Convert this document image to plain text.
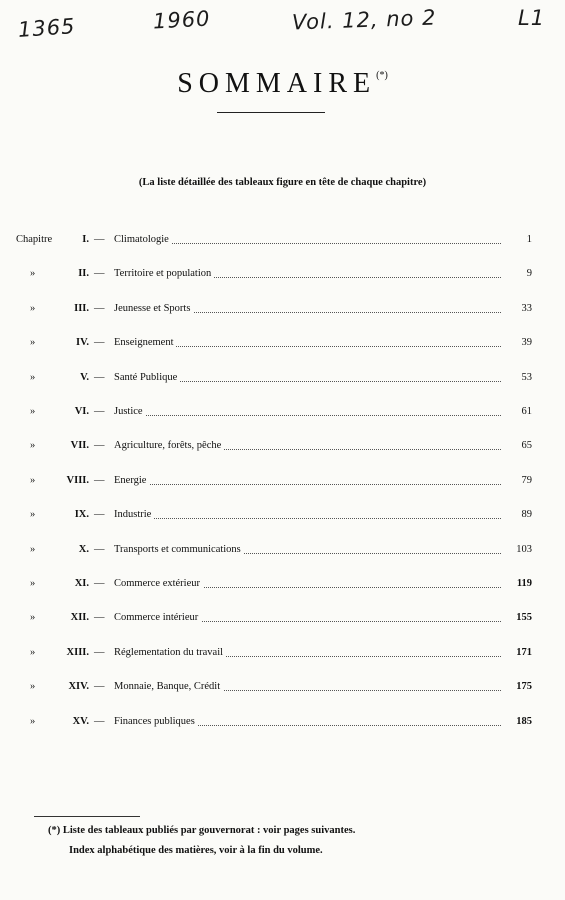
1365	1960	Vol. 12, no 2	L1
SOMMAIRE(*)
(La liste détaillée des tableaux figure en tête de chaque chapitre)
Chapitre	I. — Climatologie	1
»	II. — Territoire et population	9
»	III. — Jeunesse et Sports	33
»	IV. — Enseignement	39
»	V. — Santé Publique	53
»	VI. — Justice	61
»	VII. — Agriculture, forêts, pêche	65
»	VIII. — Energie	79
»	IX. — Industrie	89
»	X. — Transports et communications	103
»	XI. — Commerce extérieur	119
»	XII. — Commerce intérieur	155
»	XIII. — Réglementation du travail	171
»	XIV. — Monnaie, Banque, Crédit	175
»	XV. — Finances publiques	185
(*) Liste des tableaux publiés par gouvernorat : voir pages suivantes.
Index alphabétique des matières, voir à la fin du volume.
